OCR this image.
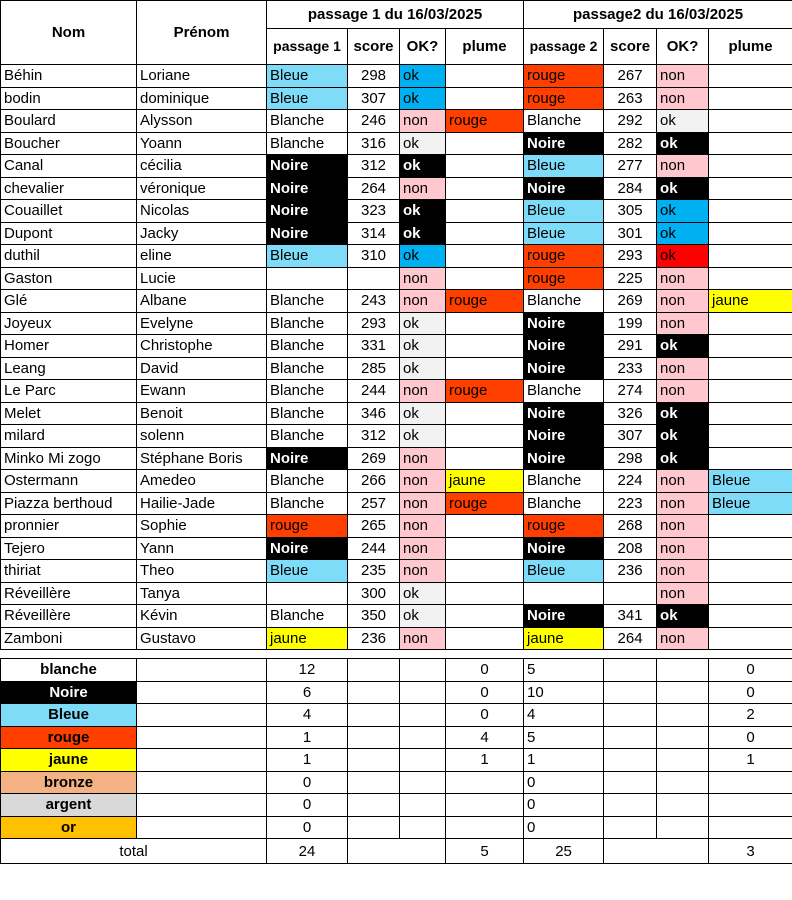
Nom	Prénom	passage 1 du 16/03/2025				passage2 du 16/03/2025			
		passage 1	score	OK?	plume	passage 2	score	OK?	plume
Béhin	Loriane	Bleue	298	ok		rouge	267	non	
bodin	dominique	Bleue	307	ok		rouge	263	non	
Boulard	Alysson	Blanche	246	non	rouge	Blanche	292	ok	
Boucher	Yoann	Blanche	316	ok		Noire	282	ok	
Canal	cécilia	Noire	312	ok		Bleue	277	non	
chevalier	véronique	Noire	264	non		Noire	284	ok	
Couaillet	Nicolas	Noire	323	ok		Bleue	305	ok	
Dupont	Jacky	Noire	314	ok		Bleue	301	ok	
duthil	eline	Bleue	310	ok		rouge	293	ok	
Gaston	Lucie			non		rouge	225	non	
Glé	Albane	Blanche	243	non	rouge	Blanche	269	non	jaune
Joyeux	Evelyne	Blanche	293	ok		Noire	199	non	
Homer	Christophe	Blanche	331	ok		Noire	291	ok	
Leang	David	Blanche	285	ok		Noire	233	non	
Le Parc	Ewann	Blanche	244	non	rouge	Blanche	274	non	
Melet	Benoit	Blanche	346	ok		Noire	326	ok	
milard	solenn	Blanche	312	ok		Noire	307	ok	
Minko Mi zogo	Stéphane Boris	Noire	269	non		Noire	298	ok	
Ostermann	Amedeo	Blanche	266	non	jaune	Blanche	224	non	Bleue
Piazza berthoud	Hailie-Jade	Blanche	257	non	rouge	Blanche	223	non	Bleue
pronnier	Sophie	rouge	265	non		rouge	268	non	
Tejero	Yann	Noire	244	non		Noire	208	non	
thiriat	Theo	Bleue	235	non		Bleue	236	non	
Réveillère	Tanya		300	ok				non	
Réveillère	Kévin	Blanche	350	ok		Noire	341	ok	
Zamboni	Gustavo	jaune	236	non		jaune	264	non	

blanche		12			0	5			0
Noire		6			0	10			0
Bleue		4			0	4			2
rouge		1			4	5			0
jaune		1			1	1			1
bronze		0				0			
argent		0				0			
or		0				0			
total		24			5	25			3
